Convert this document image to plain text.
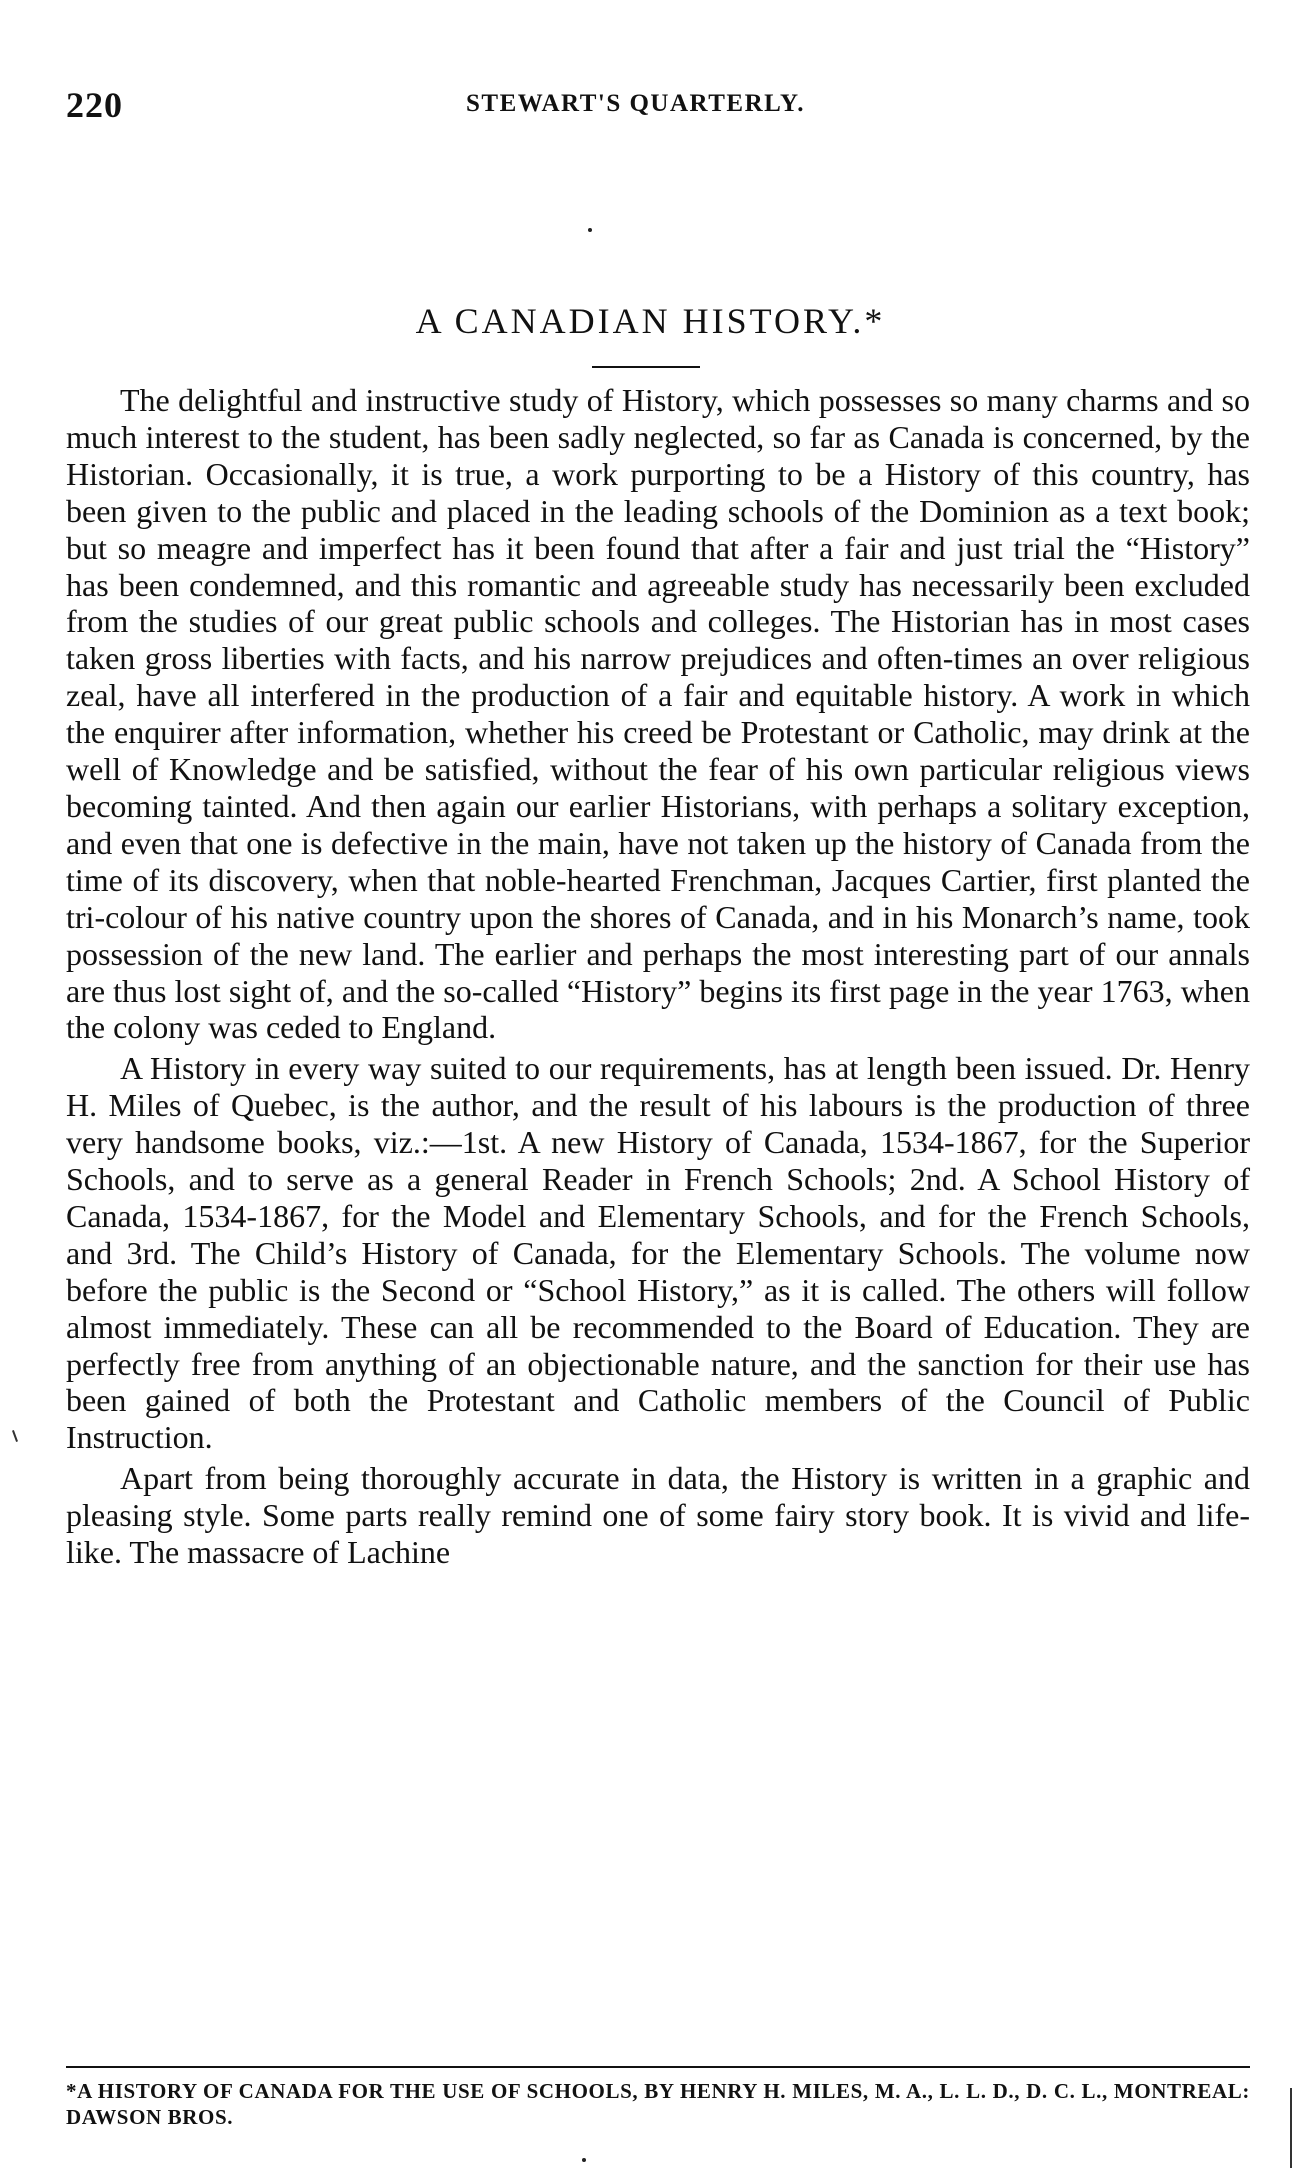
220	STEWART'S QUARTERLY.
A CANADIAN HISTORY.*

The delightful and instructive study of History, which possesses so many charms and so much interest to the student, has been sadly neglected, so far as Canada is concerned, by the Historian. Occasionally, it is true, a work purporting to be a History of this country, has been given to the public and placed in the leading schools of the Dominion as a text book; but so meagre and imperfect has it been found that after a fair and just trial the “History” has been condemned, and this romantic and agreeable study has necessarily been excluded from the studies of our great public schools and colleges. The Historian has in most cases taken gross liberties with facts, and his narrow prejudices and often-times an over religious zeal, have all interfered in the production of a fair and equitable history. A work in which the enquirer after information, whether his creed be Protestant or Catholic, may drink at the well of Knowledge and be satisfied, without the fear of his own particular religious views becoming tainted. And then again our earlier Historians, with perhaps a solitary exception, and even that one is defective in the main, have not taken up the history of Canada from the time of its discovery, when that noble-hearted Frenchman, Jacques Cartier, first planted the tri-colour of his native country upon the shores of Canada, and in his Monarch’s name, took possession of the new land. The earlier and perhaps the most interesting part of our annals are thus lost sight of, and the so-called “History” begins its first page in the year 1763, when the colony was ceded to England.

A History in every way suited to our requirements, has at length been issued. Dr. Henry H. Miles of Quebec, is the author, and the result of his labours is the production of three very handsome books, viz.:—1st. A new History of Canada, 1534-1867, for the Superior Schools, and to serve as a general Reader in French Schools; 2nd. A School History of Canada, 1534-1867, for the Model and Elementary Schools, and for the French Schools, and 3rd. The Child’s History of Canada, for the Elementary Schools. The volume now before the public is the Second or “School History,” as it is called. The others will follow almost immediately. These can all be recommended to the Board of Education. They are perfectly free from anything of an objectionable nature, and the sanction for their use has been gained of both the Protestant and Catholic members of the Council of Public Instruction.

Apart from being thoroughly accurate in data, the History is written in a graphic and pleasing style. Some parts really remind one of some fairy story book. It is vivid and life-like. The massacre of Lachine

*A HISTORY OF CANADA FOR THE USE OF SCHOOLS, BY HENRY H. MILES, M. A., L. L. D., D. C. L., MONTREAL: DAWSON BROS.
